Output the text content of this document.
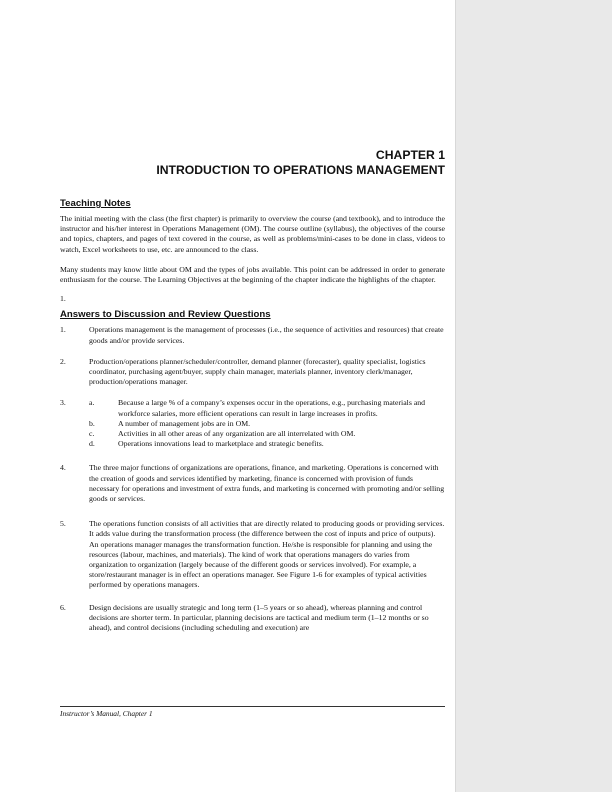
CHAPTER 1
INTRODUCTION TO OPERATIONS MANAGEMENT
Teaching Notes

The initial meeting with the class (the first chapter) is primarily to overview the course (and textbook), and to introduce the instructor and his/her interest in Operations Management (OM). The course outline (syllabus), the objectives of the course and topics, chapters, and pages of text covered in the course, as well as problems/mini-cases to be done in class, videos to watch, Excel worksheets to use, etc. are announced to the class.

Many students may know little about OM and the types of jobs available. This point can be addressed in order to generate enthusiasm for the course. The Learning Objectives at the beginning of the chapter indicate the highlights of the chapter.

1.
Answers to Discussion and Review Questions
1.	Operations management is the management of processes (i.e., the sequence of activities and resources) that create goods and/or provide services.
2.	Production/operations planner/scheduler/controller, demand planner (forecaster), quality specialist, logistics coordinator, purchasing agent/buyer, supply chain manager, materials planner, inventory clerk/manager, production/operations manager.
3.	a.	Because a large % of a company’s expenses occur in the operations, e.g., purchasing materials and workforce salaries, more efficient operations can result in large increases in profits.
b.	A number of management jobs are in OM.
c.	Activities in all other areas of any organization are all interrelated with OM.
d.	Operations innovations lead to marketplace and strategic benefits.
4.	The three major functions of organizations are operations, finance, and marketing. Operations is concerned with the creation of goods and services identified by marketing, finance is concerned with provision of funds necessary for operations and investment of extra funds, and marketing is concerned with promoting and/or selling goods or services.
5.	The operations function consists of all activities that are directly related to producing goods or providing services. It adds value during the transformation process (the difference between the cost of inputs and price of outputs). An operations manager manages the transformation function. He/she is responsible for planning and using the resources (labour, machines, and materials). The kind of work that operations managers do varies from organization to organization (largely because of the different goods or services involved). For example, a store/restaurant manager is in effect an operations manager. See Figure 1-6 for examples of typical activities performed by operations managers.
6.	Design decisions are usually strategic and long term (1–5 years or so ahead), whereas planning and control decisions are shorter term. In particular, planning decisions are tactical and medium term (1–12 months or so ahead), and control decisions (including scheduling and execution) are
Instructor’s Manual, Chapter 1
